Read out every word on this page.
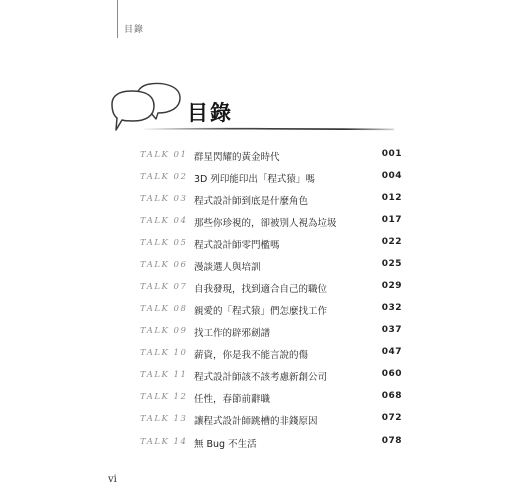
目錄
目錄
TALK 01 群星閃耀的黃金時代	001
TALK 02 3D 列印能印出「程式猿」嗎	004
TALK 03 程式設計師到底是什麼角色	012
TALK 04 那些你珍視的，卻被別人視為垃圾	017
TALK 05 程式設計師零門檻嗎	022
TALK 06 漫談選人與培訓	025
TALK 07 自我發現，找到適合自己的職位	029
TALK 08 親愛的「程式猿」們怎麼找工作	032
TALK 09 找工作的辟邪劍譜	037
TALK 10 薪資，你是我不能言說的傷	047
TALK 11 程式設計師該不該考慮新創公司	060
TALK 12 任性，春節前辭職	068
TALK 13 讓程式設計師跳槽的非錢原因	072
TALK 14 無 Bug 不生活	078
vi
